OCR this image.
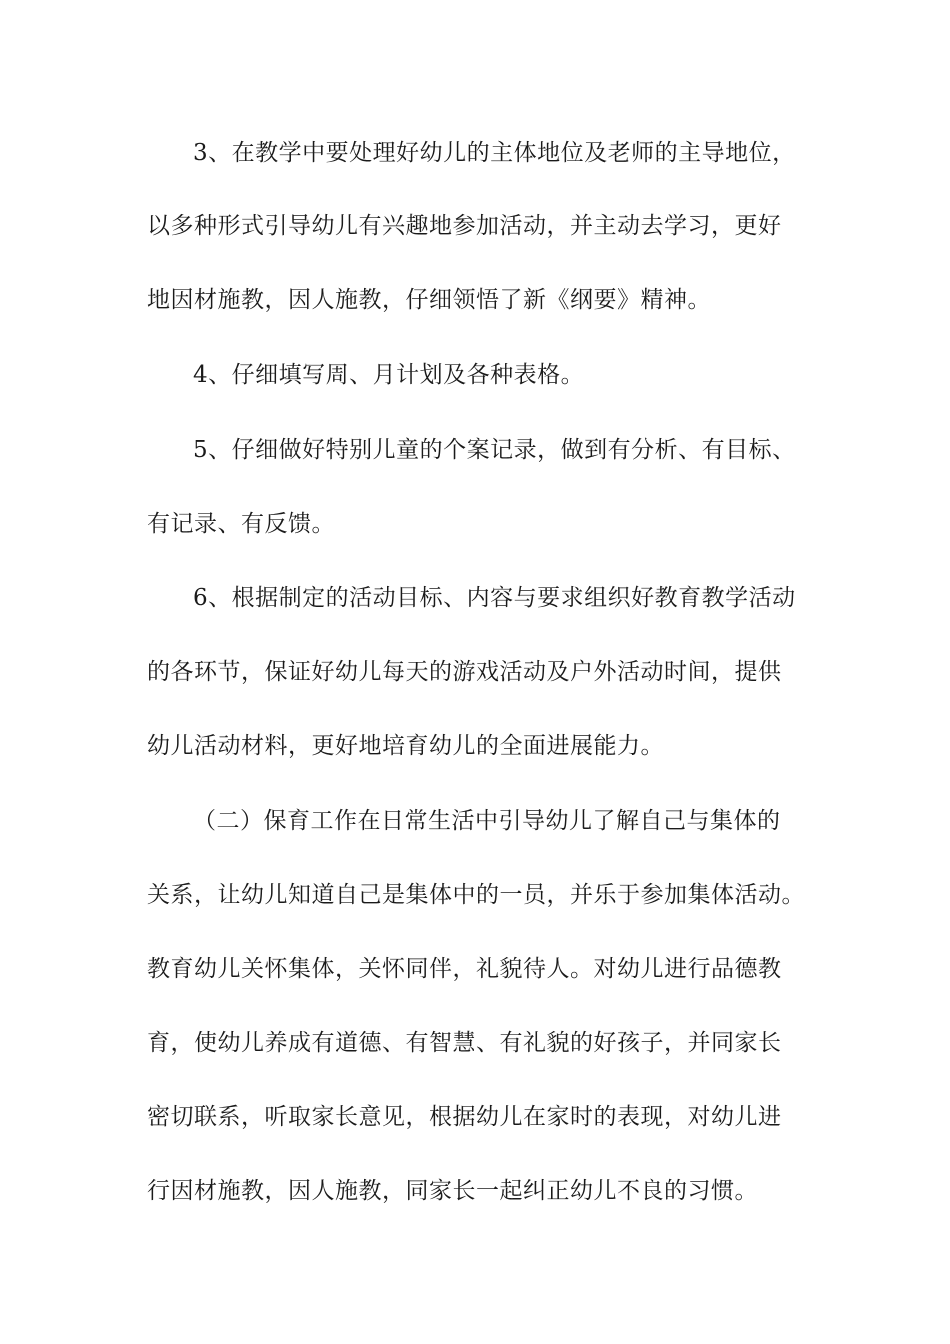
3、在教学中要处理好幼儿的主体地位及老师的主导地位，
以多种形式引导幼儿有兴趣地参加活动，并主动去学习，更好
地因材施教，因人施教，仔细领悟了新《纲要》精神。
4、仔细填写周、月计划及各种表格。
5、仔细做好特别儿童的个案记录，做到有分析、有目标、
有记录、有反馈。
6、根据制定的活动目标、内容与要求组织好教育教学活动
的各环节，保证好幼儿每天的游戏活动及户外活动时间，提供
幼儿活动材料，更好地培育幼儿的全面进展能力。
（二）保育工作在日常生活中引导幼儿了解自己与集体的
关系，让幼儿知道自己是集体中的一员，并乐于参加集体活动。
教育幼儿关怀集体，关怀同伴，礼貌待人。对幼儿进行品德教
育，使幼儿养成有道德、有智慧、有礼貌的好孩子，并同家长
密切联系，听取家长意见，根据幼儿在家时的表现，对幼儿进
行因材施教，因人施教，同家长一起纠正幼儿不良的习惯。
